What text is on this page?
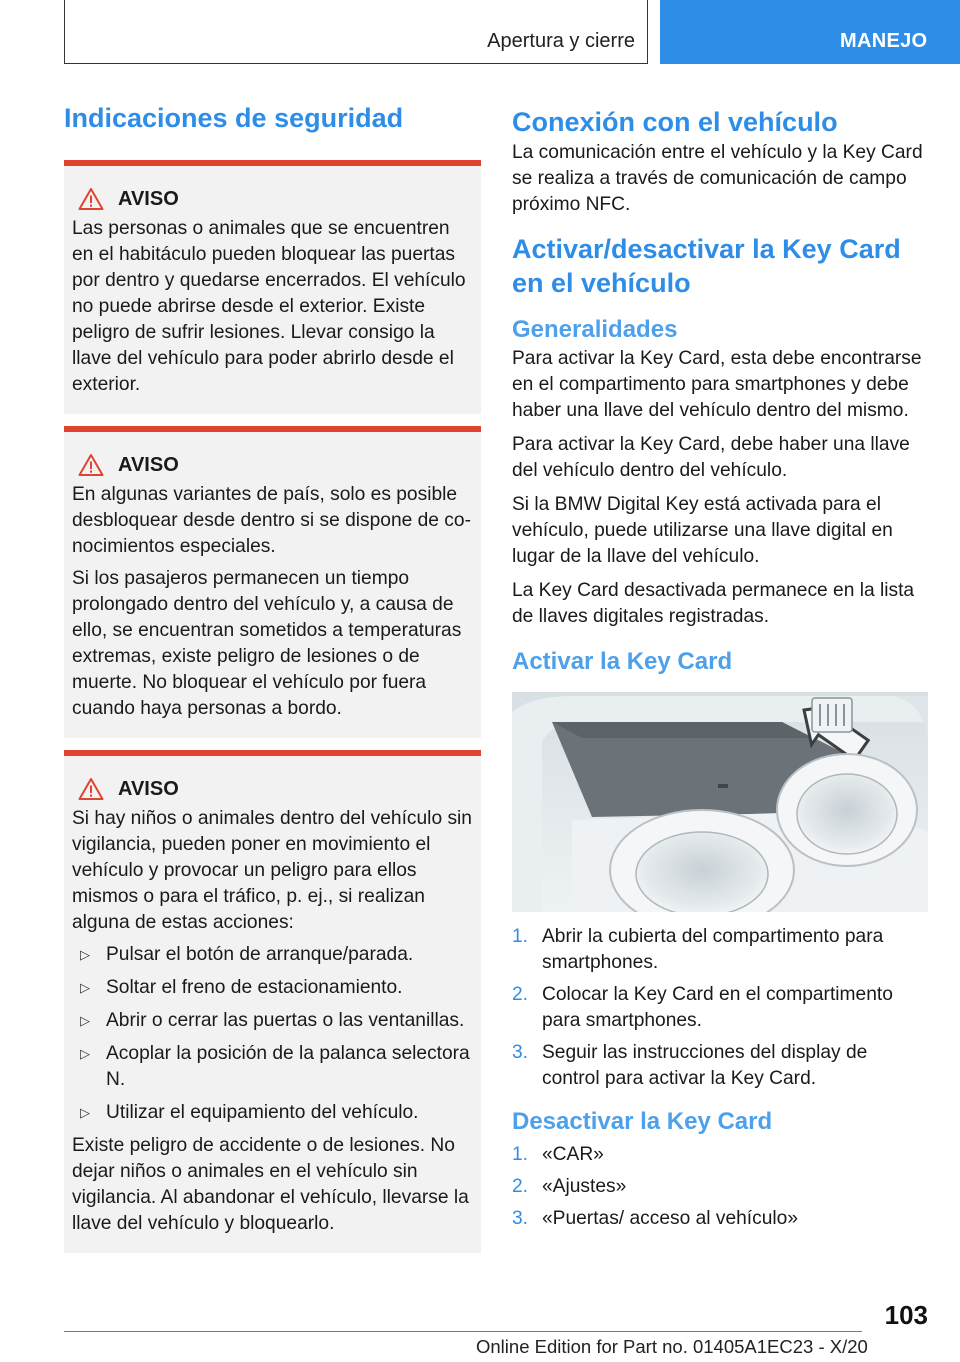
Apertura y cierre	MANEJO
Indicaciones de seguridad
AVISO

Las personas o animales que se encuentren en el habitáculo pueden bloquear las puertas por dentro y quedarse encerrados. El vehículo no puede abrirse desde el exterior. Existe peligro de sufrir lesiones. Llevar consigo la llave del vehículo para poder abrirlo desde el exterior.

AVISO

En algunas variantes de país, solo es posible desbloquear desde dentro si se dispone de conocimientos especiales.

Si los pasajeros permanecen un tiempo prolongado dentro del vehículo y, a causa de ello, se encuentran sometidos a temperaturas extremas, existe peligro de lesiones o de muerte. No bloquear el vehículo por fuera cuando haya personas a bordo.

AVISO

Si hay niños o animales dentro del vehículo sin vigilancia, pueden poner en movimiento el vehículo y provocar un peligro para ellos mismos o para el tráfico, p. ej., si realizan alguna de estas acciones:

▷ Pulsar el botón de arranque/parada.
▷ Soltar el freno de estacionamiento.
▷ Abrir o cerrar las puertas o las ventanillas.
▷ Acoplar la posición de la palanca selectora N.
▷ Utilizar el equipamiento del vehículo.

Existe peligro de accidente o de lesiones. No dejar niños o animales en el vehículo sin vigilancia. Al abandonar el vehículo, llevarse la llave del vehículo y bloquearlo.

Conexión con el vehículo

La comunicación entre el vehículo y la Key Card se realiza a través de comunicación de campo próximo NFC.

Activar/desactivar la Key Card en el vehículo
Generalidades

Para activar la Key Card, esta debe encontrarse en el compartimento para smartphones y debe haber una llave del vehículo dentro del mismo.

Para activar la Key Card, debe haber una llave del vehículo dentro del vehículo.

Si la BMW Digital Key está activada para el vehículo, puede utilizarse una llave digital en lugar de la llave del vehículo.

La Key Card desactivada permanece en la lista de llaves digitales registradas.

Activar la Key Card
1. Abrir la cubierta del compartimento para smartphones.
2. Colocar la Key Card en el compartimento para smartphones.
3. Seguir las instrucciones del display de control para activar la Key Card.
Desactivar la Key Card
1. «CAR»
2. «Ajustes»
3. «Puertas/ acceso al vehículo»
103
Online Edition for Part no. 01405A1EC23 - X/20
